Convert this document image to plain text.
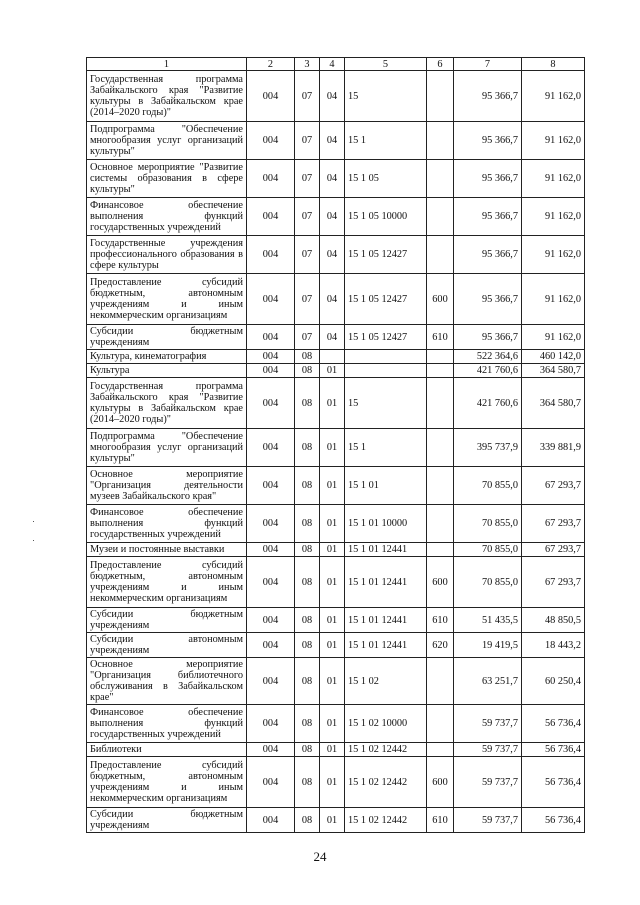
1	2	3	4	5	6	7	8
Государственная программа Забайкальского края "Развитие культуры в Забайкальском крае (2014–2020 годы)"	004	07	04	15		95 366,7	91 162,0
Подпрограмма "Обеспечение многообразия услуг организаций культуры"	004	07	04	15 1		95 366,7	91 162,0
Основное мероприятие "Развитие системы образования в сфере культуры"	004	07	04	15 1 05		95 366,7	91 162,0
Финансовое обеспечение выполнения функций государственных учреждений	004	07	04	15 1 05 10000		95 366,7	91 162,0
Государственные учреждения профессионального образования в сфере культуры	004	07	04	15 1 05 12427		95 366,7	91 162,0
Предоставление субсидий бюджетным, автономным учреждениям и иным некоммерческим организациям	004	07	04	15 1 05 12427	600	95 366,7	91 162,0
Субсидии бюджетным учреждениям	004	07	04	15 1 05 12427	610	95 366,7	91 162,0
Культура, кинематография	004	08				522 364,6	460 142,0
Культура	004	08	01			421 760,6	364 580,7
Государственная программа Забайкальского края "Развитие культуры в Забайкальском крае (2014–2020 годы)"	004	08	01	15		421 760,6	364 580,7
Подпрограмма "Обеспечение многообразия услуг организаций культуры"	004	08	01	15 1		395 737,9	339 881,9
Основное мероприятие "Организация деятельности музеев Забайкальского края"	004	08	01	15 1 01		70 855,0	67 293,7
Финансовое обеспечение выполнения функций государственных учреждений	004	08	01	15 1 01 10000		70 855,0	67 293,7
Музеи и постоянные выставки	004	08	01	15 1 01 12441		70 855,0	67 293,7
Предоставление субсидий бюджетным, автономным учреждениям и иным некоммерческим организациям	004	08	01	15 1 01 12441	600	70 855,0	67 293,7
Субсидии бюджетным учреждениям	004	08	01	15 1 01 12441	610	51 435,5	48 850,5
Субсидии автономным учреждениям	004	08	01	15 1 01 12441	620	19 419,5	18 443,2
Основное мероприятие "Организация библиотечного обслуживания в Забайкальском крае"	004	08	01	15 1 02		63 251,7	60 250,4
Финансовое обеспечение выполнения функций государственных учреждений	004	08	01	15 1 02 10000		59 737,7	56 736,4
Библиотеки	004	08	01	15 1 02 12442		59 737,7	56 736,4
Предоставление субсидий бюджетным, автономным учреждениям и иным некоммерческим организациям	004	08	01	15 1 02 12442	600	59 737,7	56 736,4
Субсидии бюджетным учреждениям	004	08	01	15 1 02 12442	610	59 737,7	56 736,4
24
